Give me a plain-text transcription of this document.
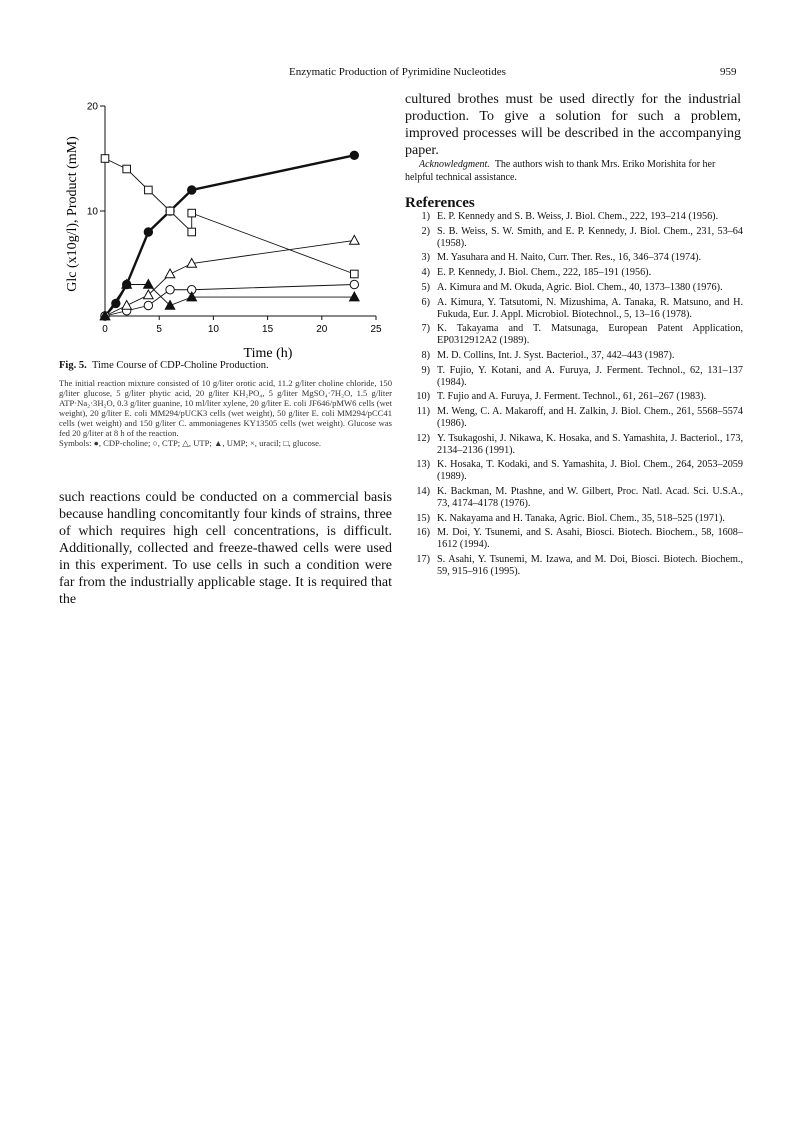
Enzymatic Production of Pyrimidine Nucleotides	959
0	5	10	15	20	25
10
20
Glc (x10g/l), Product (mM)
Time (h)
Fig. 5. Time Course of CDP-Choline Production.
The initial reaction mixture consisted of 10 g/liter orotic acid, 11.2 g/liter choline chloride, 150 g/liter glucose, 5 g/liter phytic acid, 20 g/liter KH₂PO₄, 5 g/liter MgSO₄·7H₂O, 1.5 g/liter ATP·Na₂·3H₂O, 0.3 g/liter guanine, 10 ml/liter xylene, 20 g/liter E. coli JF646/pMW6 cells (wet weight), 20 g/liter E. coli MM294/pUCK3 cells (wet weight), 50 g/liter E. coli MM294/pCC41 cells (wet weight) and 150 g/liter C. ammoniagenes KY13505 cells (wet weight). Glucose was fed 20 g/liter at 8 h of the reaction.
Symbols: ●, CDP-choline; ○, CTP; △, UTP; ▲, UMP; ×, uracil; □, glucose.
such reactions could be conducted on a commercial basis because handling concomitantly four kinds of strains, three of which requires high cell concentrations, is difficult. Additionally, collected and freeze-thawed cells were used in this experiment. To use cells in such a condition were far from the industrially applicable stage. It is required that the
cultured brothes must be used directly for the industrial production. To give a solution for such a problem, improved processes will be described in the accompanying paper.
Acknowledgment. The authors wish to thank Mrs. Eriko Morishita for her helpful technical assistance.
References
1) E. P. Kennedy and S. B. Weiss, J. Biol. Chem., 222, 193–214 (1956).
2) S. B. Weiss, S. W. Smith, and E. P. Kennedy, J. Biol. Chem., 231, 53–64 (1958).
3) M. Yasuhara and H. Naito, Curr. Ther. Res., 16, 346–374 (1974).
4) E. P. Kennedy, J. Biol. Chem., 222, 185–191 (1956).
5) A. Kimura and M. Okuda, Agric. Biol. Chem., 40, 1373–1380 (1976).
6) A. Kimura, Y. Tatsutomi, N. Mizushima, A. Tanaka, R. Matsuno, and H. Fukuda, Eur. J. Appl. Microbiol. Biotechnol., 5, 13–16 (1978).
7) K. Takayama and T. Matsunaga, European Patent Application, EP0312912A2 (1989).
8) M. D. Collins, Int. J. Syst. Bacteriol., 37, 442–443 (1987).
9) T. Fujio, Y. Kotani, and A. Furuya, J. Ferment. Technol., 62, 131–137 (1984).
10) T. Fujio and A. Furuya, J. Ferment. Technol., 61, 261–267 (1983).
11) M. Weng, C. A. Makaroff, and H. Zalkin, J. Biol. Chem., 261, 5568–5574 (1986).
12) Y. Tsukagoshi, J. Nikawa, K. Hosaka, and S. Yamashita, J. Bacteriol., 173, 2134–2136 (1991).
13) K. Hosaka, T. Kodaki, and S. Yamashita, J. Biol. Chem., 264, 2053–2059 (1989).
14) K. Backman, M. Ptashne, and W. Gilbert, Proc. Natl. Acad. Sci. U.S.A., 73, 4174–4178 (1976).
15) K. Nakayama and H. Tanaka, Agric. Biol. Chem., 35, 518–525 (1971).
16) M. Doi, Y. Tsunemi, and S. Asahi, Biosci. Biotech. Biochem., 58, 1608–1612 (1994).
17) S. Asahi, Y. Tsunemi, M. Izawa, and M. Doi, Biosci. Biotech. Biochem., 59, 915–916 (1995).
